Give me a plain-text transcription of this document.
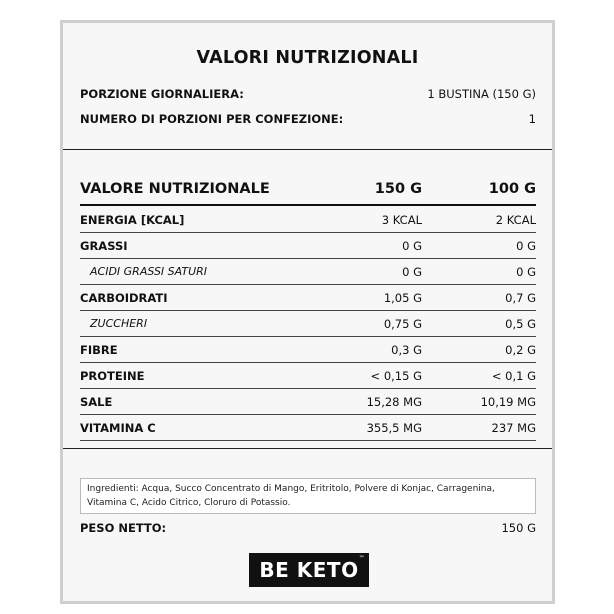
VALORI NUTRIZIONALI
PORZIONE GIORNALIERA:	1 BUSTINA (150 G)
NUMERO DI PORZIONI PER CONFEZIONE:	1
VALORE NUTRIZIONALE	150 G	100 G
ENERGIA [KCAL]	3 KCAL	2 KCAL
GRASSI	0 G	0 G
ACIDI GRASSI SATURI	0 G	0 G
CARBOIDRATI	1,05 G	0,7 G
ZUCCHERI	0,75 G	0,5 G
FIBRE	0,3 G	0,2 G
PROTEINE	< 0,15 G	< 0,1 G
SALE	15,28 MG	10,19 MG
VITAMINA C	355,5 MG	237 MG
Ingredienti: Acqua, Succo Concentrato di Mango, Eritritolo, Polvere di Konjac, Carragenina, Vitamina C, Acido Citrico, Cloruro di Potassio.
PESO NETTO:	150 G
BE KETO ™
